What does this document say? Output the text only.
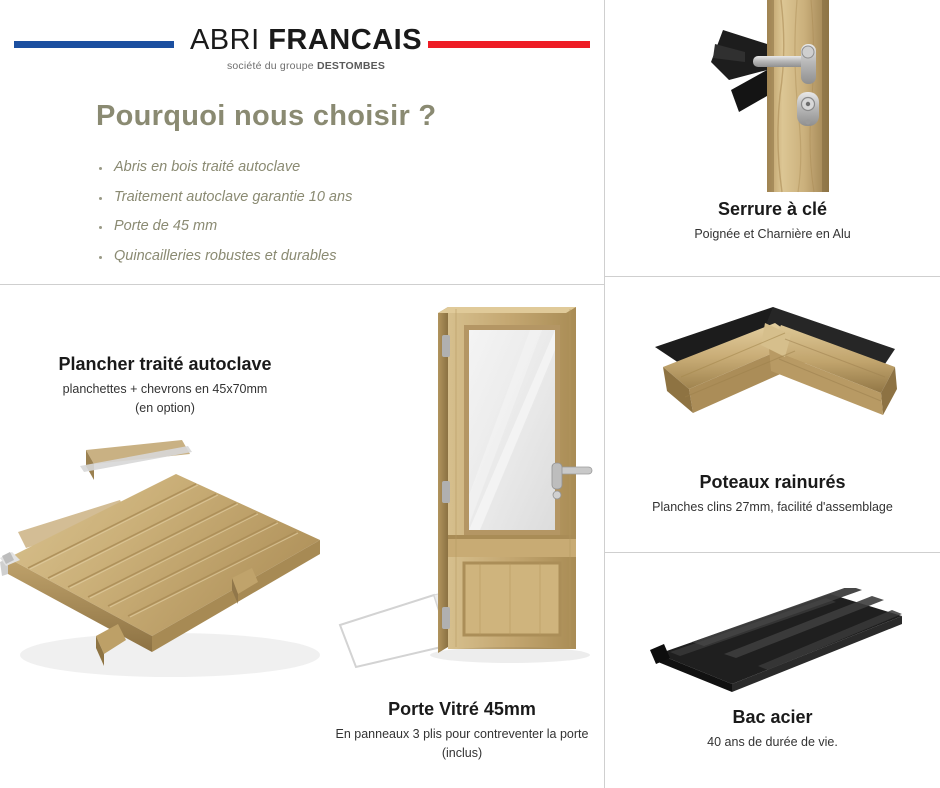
ABRI FRANCAIS
société du groupe DESTOMBES
Pourquoi nous choisir ?
Abris en bois traité autoclave
Traitement autoclave garantie 10 ans
Porte de 45 mm
Quincailleries robustes et durables
Serrure à clé
Poignée et Charnière en Alu
Poteaux rainurés
Planches clins 27mm, facilité d'assemblage
Bac acier
40 ans de durée de vie.
Plancher traité autoclave
planchettes + chevrons en 45x70mm
(en option)
Porte Vitré 45mm
En panneaux 3 plis pour contreventer la porte
(inclus)
